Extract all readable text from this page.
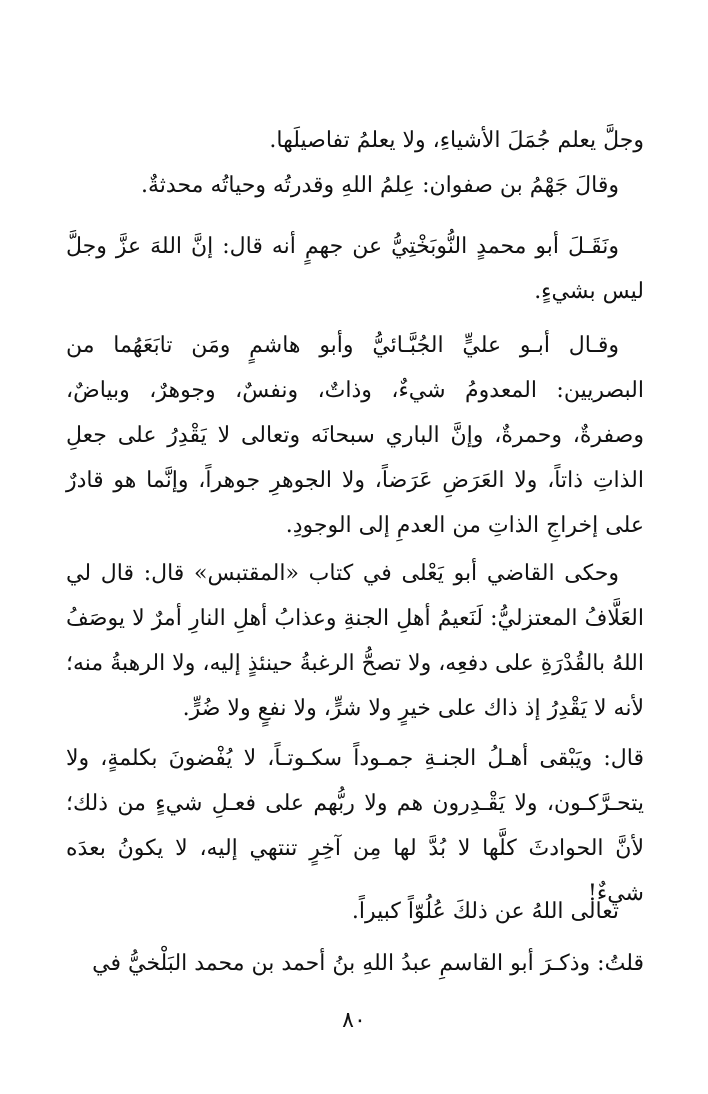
وجلَّ يعلم جُمَلَ الأشياءِ، ولا يعلمُ تفاصيلَها.

وقالَ جَهْمُ بن صفوان: عِلمُ اللهِ وقدرتُه وحياتُه محدثةٌ.

ونَقَـلَ أبو محمدٍ النُّوبَخْتِيُّ عن جهمٍ أنه قال: إنَّ اللهَ عزَّ وجلَّ ليس بشيءٍ.

وقـال أبـو عليٍّ الجُبَّـائيُّ وأبو هاشمٍ ومَن تابَعَهُما من البصريين: المعدومُ شيءٌ، وذاتٌ، ونفسٌ، وجوهرٌ، وبياضٌ، وصفرةٌ، وحمرةٌ، وإنَّ الباري سبحانَه وتعالى لا يَقْدِرُ على جعلِ الذاتِ ذاتاً، ولا العَرَضِ عَرَضاً، ولا الجوهرِ جوهراً، وإنَّما هو قادرٌ على إخراجِ الذاتِ من العدمِ إلى الوجودِ.

وحكى القاضي أبو يَعْلى في كتاب «المقتبس» قال: قال لي العَلَّافُ المعتزليُّ: لَنَعيمُ أهلِ الجنةِ وعذابُ أهلِ النارِ أمرٌ لا يوصَفُ اللهُ بالقُدْرَةِ على دفعِه، ولا تصحُّ الرغبةُ حينئذٍ إليه، ولا الرهبةُ منه؛ لأنه لا يَقْدِرُ إذ ذاك على خيرٍ ولا شرٍّ، ولا نفعٍ ولا ضُرٍّ.

قال: ويَبْقى أهـلُ الجنـةِ جمـوداً سكـوتـاً، لا يُفْضونَ بكلمةٍ، ولا يتحـرَّكـون، ولا يَقْـدِرون هم ولا ربُّهم على فعـلِ شيءٍ من ذلك؛ لأنَّ الحوادثَ كلَّها لا بُدَّ لها مِن آخِرٍ تنتهي إليه، لا يكونُ بعدَه شيءٌ!

تعالى اللهُ عن ذلكَ عُلُوّاً كبيراً.

قلتُ: وذكـرَ أبو القاسمِ عبدُ اللهِ بنُ أحمد بن محمد البَلْخيُّ في

٨٠
